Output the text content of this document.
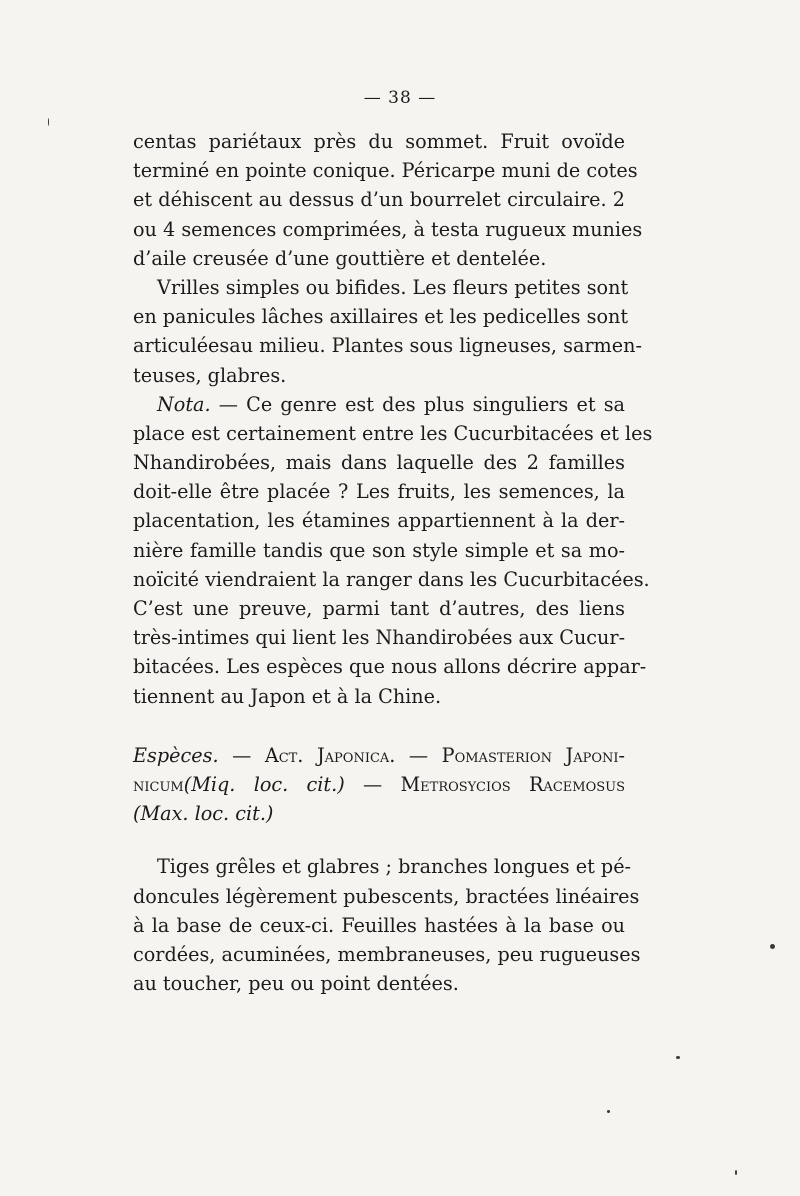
— 38 —
centas pariétaux près du sommet. Fruit ovoïde
terminé en pointe conique. Péricarpe muni de cotes
et déhiscent au dessus d’un bourrelet circulaire. 2
ou 4 semences comprimées, à testa rugueux munies
d’aile creusée d’une gouttière et dentelée.
Vrilles simples ou bifides. Les fleurs petites sont
en panicules lâches axillaires et les pedicelles sont
articuléesau milieu. Plantes sous ligneuses, sarmen-
teuses, glabres.
Nota. — Ce genre est des plus singuliers et sa
place est certainement entre les Cucurbitacées et les
Nhandirobées, mais dans laquelle des 2 familles
doit-elle être placée ? Les fruits, les semences, la
placentation, les étamines appartiennent à la der-
nière famille tandis que son style simple et sa mo-
noïcité viendraient la ranger dans les Cucurbitacées.
C’est une preuve, parmi tant d’autres, des liens
très-intimes qui lient les Nhandirobées aux Cucur-
bitacées. Les espèces que nous allons décrire appar-
tiennent au Japon et à la Chine.
Espèces. — Act. Japonica. — Pomasterion Japoni-
nicum(Miq. loc. cit.) — Metrosycios Racemosus
(Max. loc. cit.)
Tiges grêles et glabres ; branches longues et pé-
doncules légèrement pubescents, bractées linéaires
à la base de ceux-ci. Feuilles hastées à la base ou
cordées, acuminées, membraneuses, peu rugueuses
au toucher, peu ou point dentées.
